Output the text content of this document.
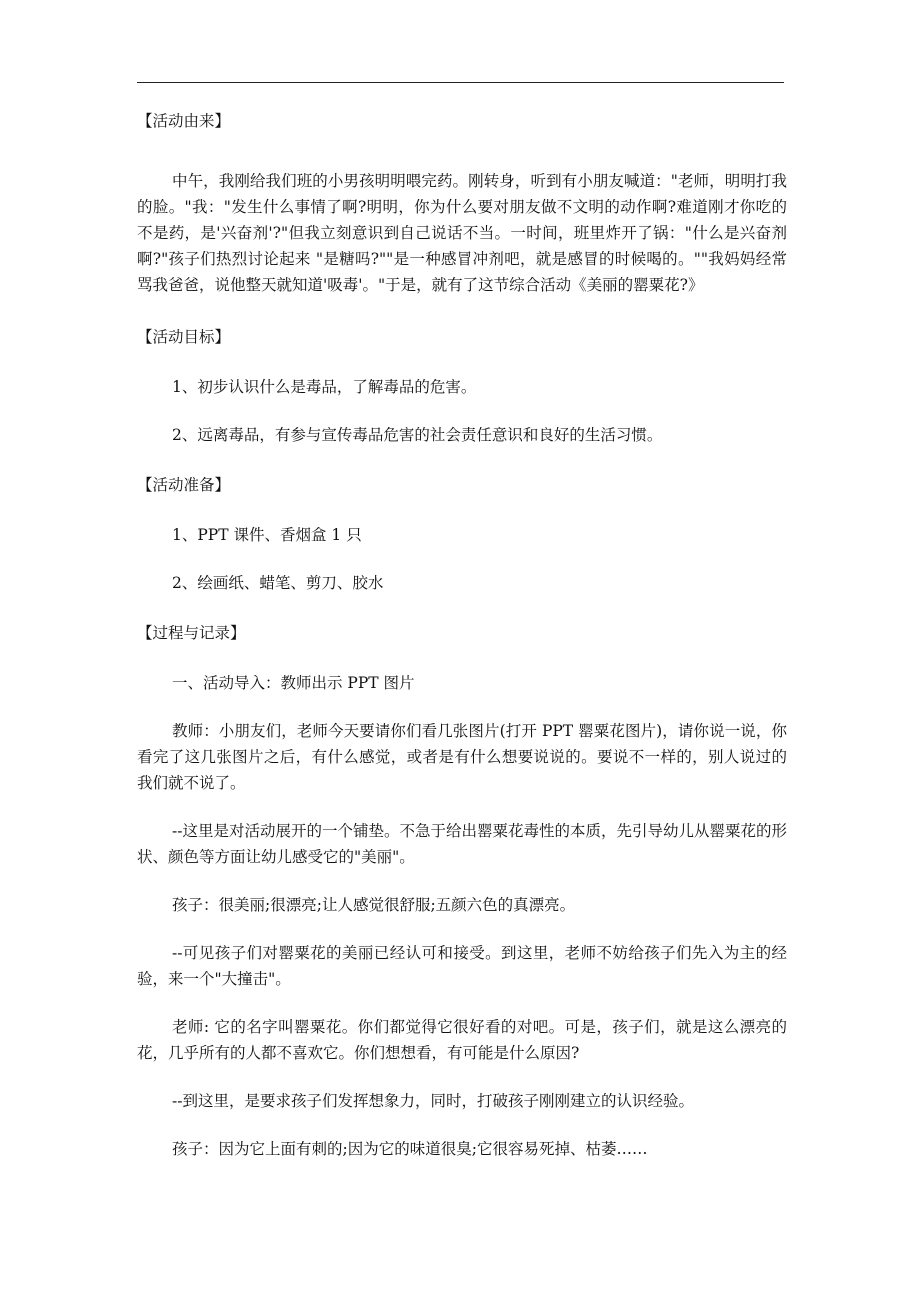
【活动由来】

中午，我刚给我们班的小男孩明明喂完药。刚转身，听到有小朋友喊道："老师，明明打我的脸。"我："发生什么事情了啊?明明，你为什么要对朋友做不文明的动作啊?难道刚才你吃的不是药，是'兴奋剂'?"但我立刻意识到自己说话不当。一时间，班里炸开了锅："什么是兴奋剂啊?"孩子们热烈讨论起来 "是糖吗?""是一种感冒冲剂吧，就是感冒的时候喝的。""我妈妈经常骂我爸爸，说他整天就知道'吸毒'。"于是，就有了这节综合活动《美丽的罂粟花?》

【活动目标】

1、初步认识什么是毒品，了解毒品的危害。

2、远离毒品，有参与宣传毒品危害的社会责任意识和良好的生活习惯。

【活动准备】

1、PPT 课件、香烟盒 1 只

2、绘画纸、蜡笔、剪刀、胶水

【过程与记录】

一、活动导入：教师出示 PPT 图片

教师：小朋友们，老师今天要请你们看几张图片(打开 PPT 罂粟花图片)，请你说一说，你看完了这几张图片之后，有什么感觉，或者是有什么想要说说的。要说不一样的，别人说过的我们就不说了。

--这里是对活动展开的一个铺垫。不急于给出罂粟花毒性的本质，先引导幼儿从罂粟花的形状、颜色等方面让幼儿感受它的"美丽"。

孩子：很美丽;很漂亮;让人感觉很舒服;五颜六色的真漂亮。

--可见孩子们对罂粟花的美丽已经认可和接受。到这里，老师不妨给孩子们先入为主的经验，来一个"大撞击"。

老师: 它的名字叫罂粟花。你们都觉得它很好看的对吧。可是，孩子们，就是这么漂亮的花，几乎所有的人都不喜欢它。你们想想看，有可能是什么原因?

--到这里，是要求孩子们发挥想象力，同时，打破孩子刚刚建立的认识经验。

孩子：因为它上面有刺的;因为它的味道很臭;它很容易死掉、枯萎……
